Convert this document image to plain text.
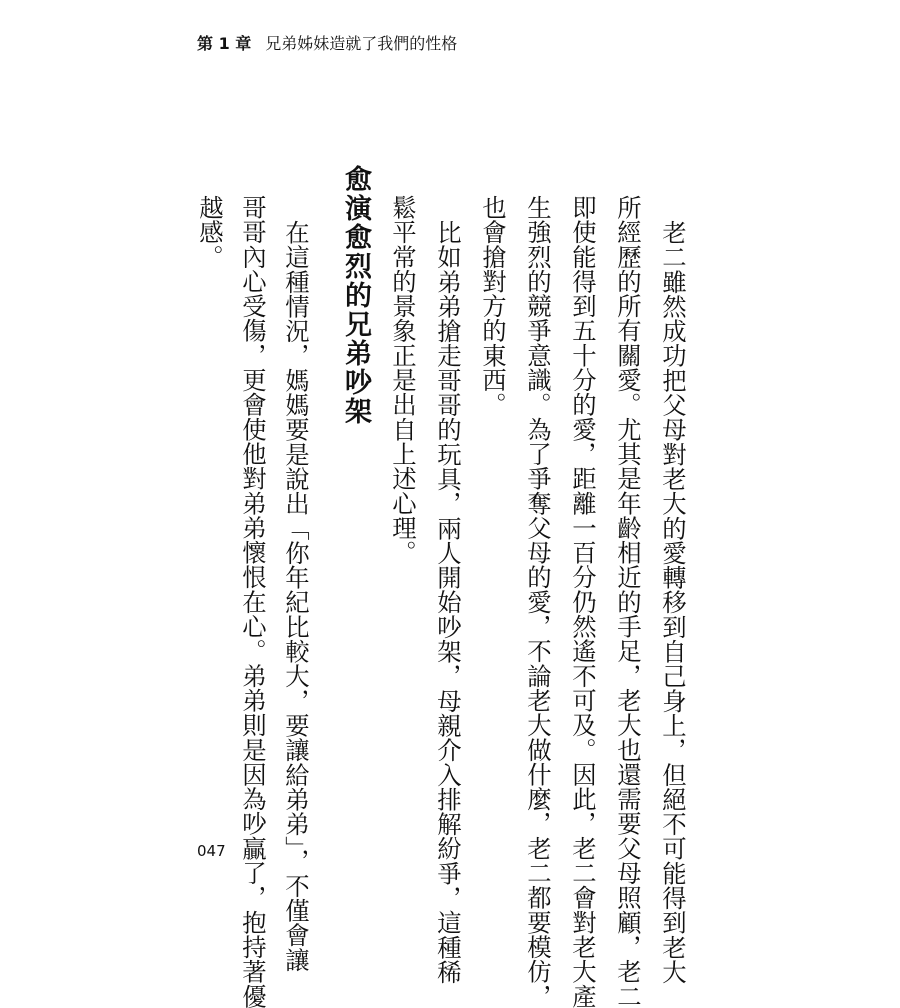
第 1 章 兄弟姊妹造就了我們的性格
老二雖然成功把父母對老大的愛轉移到自己身上，但絕不可能得到老大
所經歷的所有關愛。尤其是年齡相近的手足，老大也還需要父母照顧，老二
即使能得到五十分的愛，距離一百分仍然遙不可及。因此，老二會對老大產
生強烈的競爭意識。為了爭奪父母的愛，不論老大做什麼，老二都要模仿，
也會搶對方的東西。
比如弟弟搶走哥哥的玩具，兩人開始吵架，母親介入排解紛爭，這種稀
鬆平常的景象正是出自上述心理。
愈演愈烈的兄弟吵架
在這種情況，媽媽要是說出「你年紀比較大，要讓給弟弟」，不僅會讓
哥哥內心受傷，更會使他對弟弟懷恨在心。弟弟則是因為吵贏了，抱持著優
越感。
047
